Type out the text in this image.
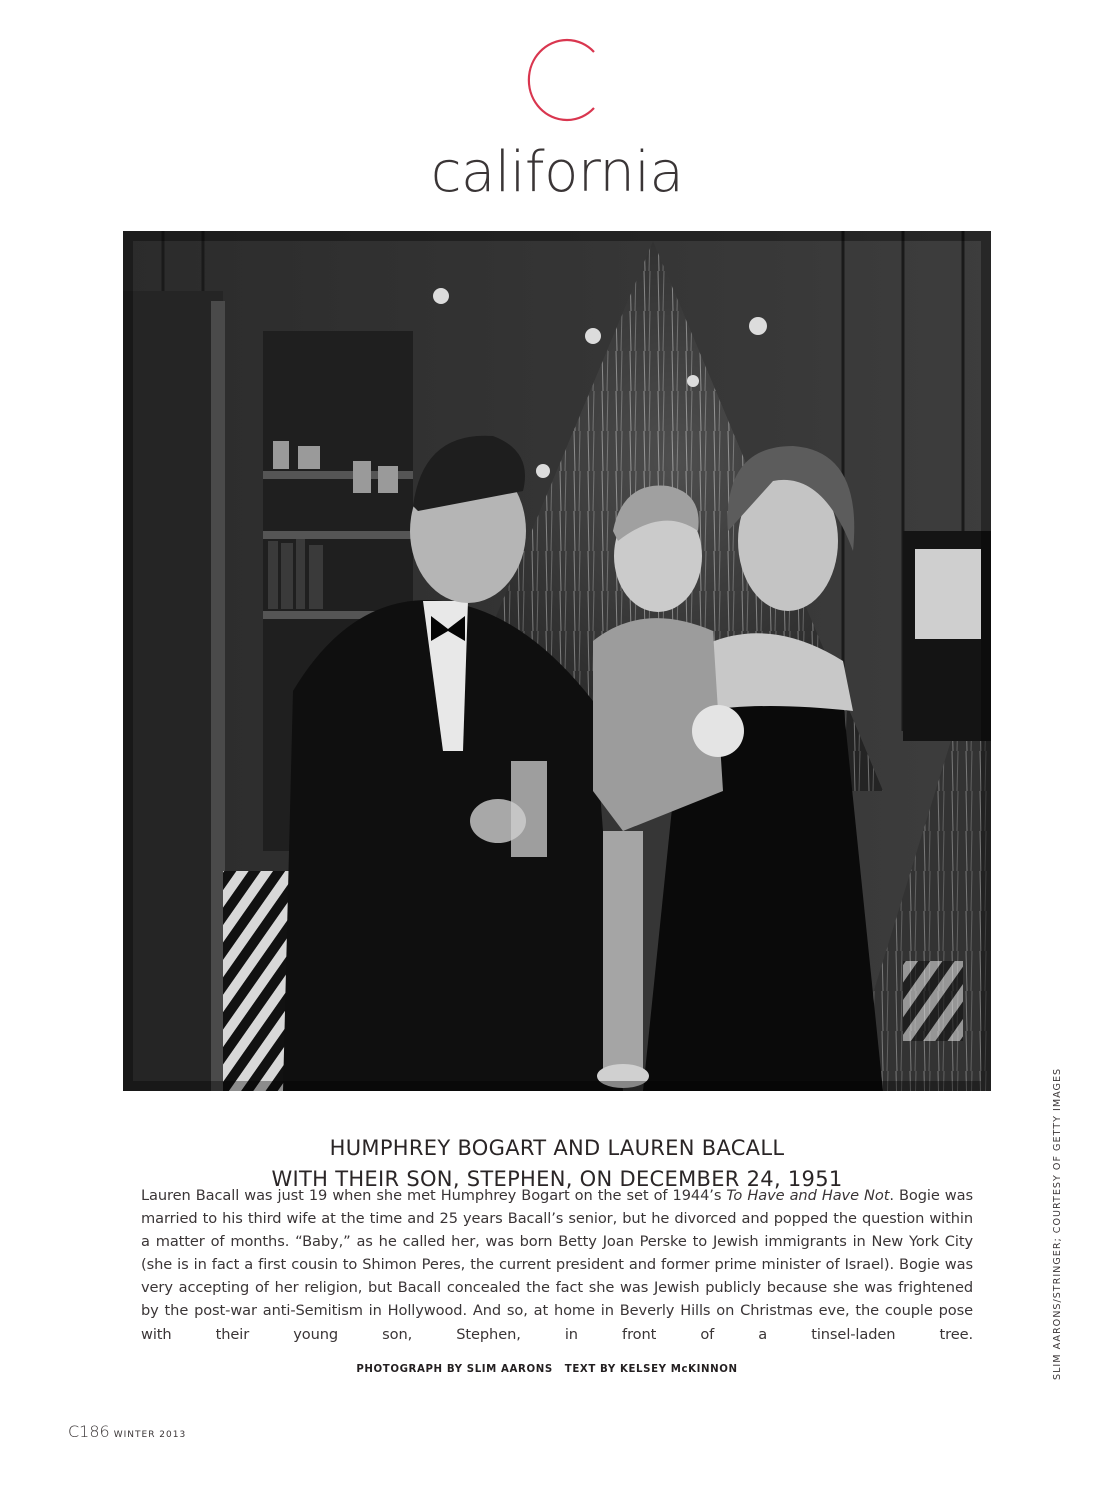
california
HUMPHREY BOGART AND LAUREN BACALL
WITH THEIR SON, STEPHEN, ON DECEMBER 24, 1951

Lauren Bacall was just 19 when she met Humphrey Bogart on the set of 1944’s To Have and Have Not. Bogie was married to his third wife at the time and 25 years Bacall’s senior, but he divorced and popped the question within a matter of months. “Baby,” as he called her, was born Betty Joan Perske to Jewish immigrants in New York City (she is in fact a first cousin to Shimon Peres, the current president and former prime minister of Israel). Bogie was very accepting of her religion, but Bacall concealed the fact she was Jewish publicly because she was frightened by the post-war anti-Semitism in Hollywood. And so, at home in Beverly Hills on Christmas eve, the couple pose with their young son, Stephen, in front of a tinsel-laden tree.

PHOTOGRAPH BY SLIM AARONS TEXT BY KELSEY McKINNON	SLIM AARONS/STRINGER; COURTESY OF GETTY IMAGES
C186 WINTER 2013
